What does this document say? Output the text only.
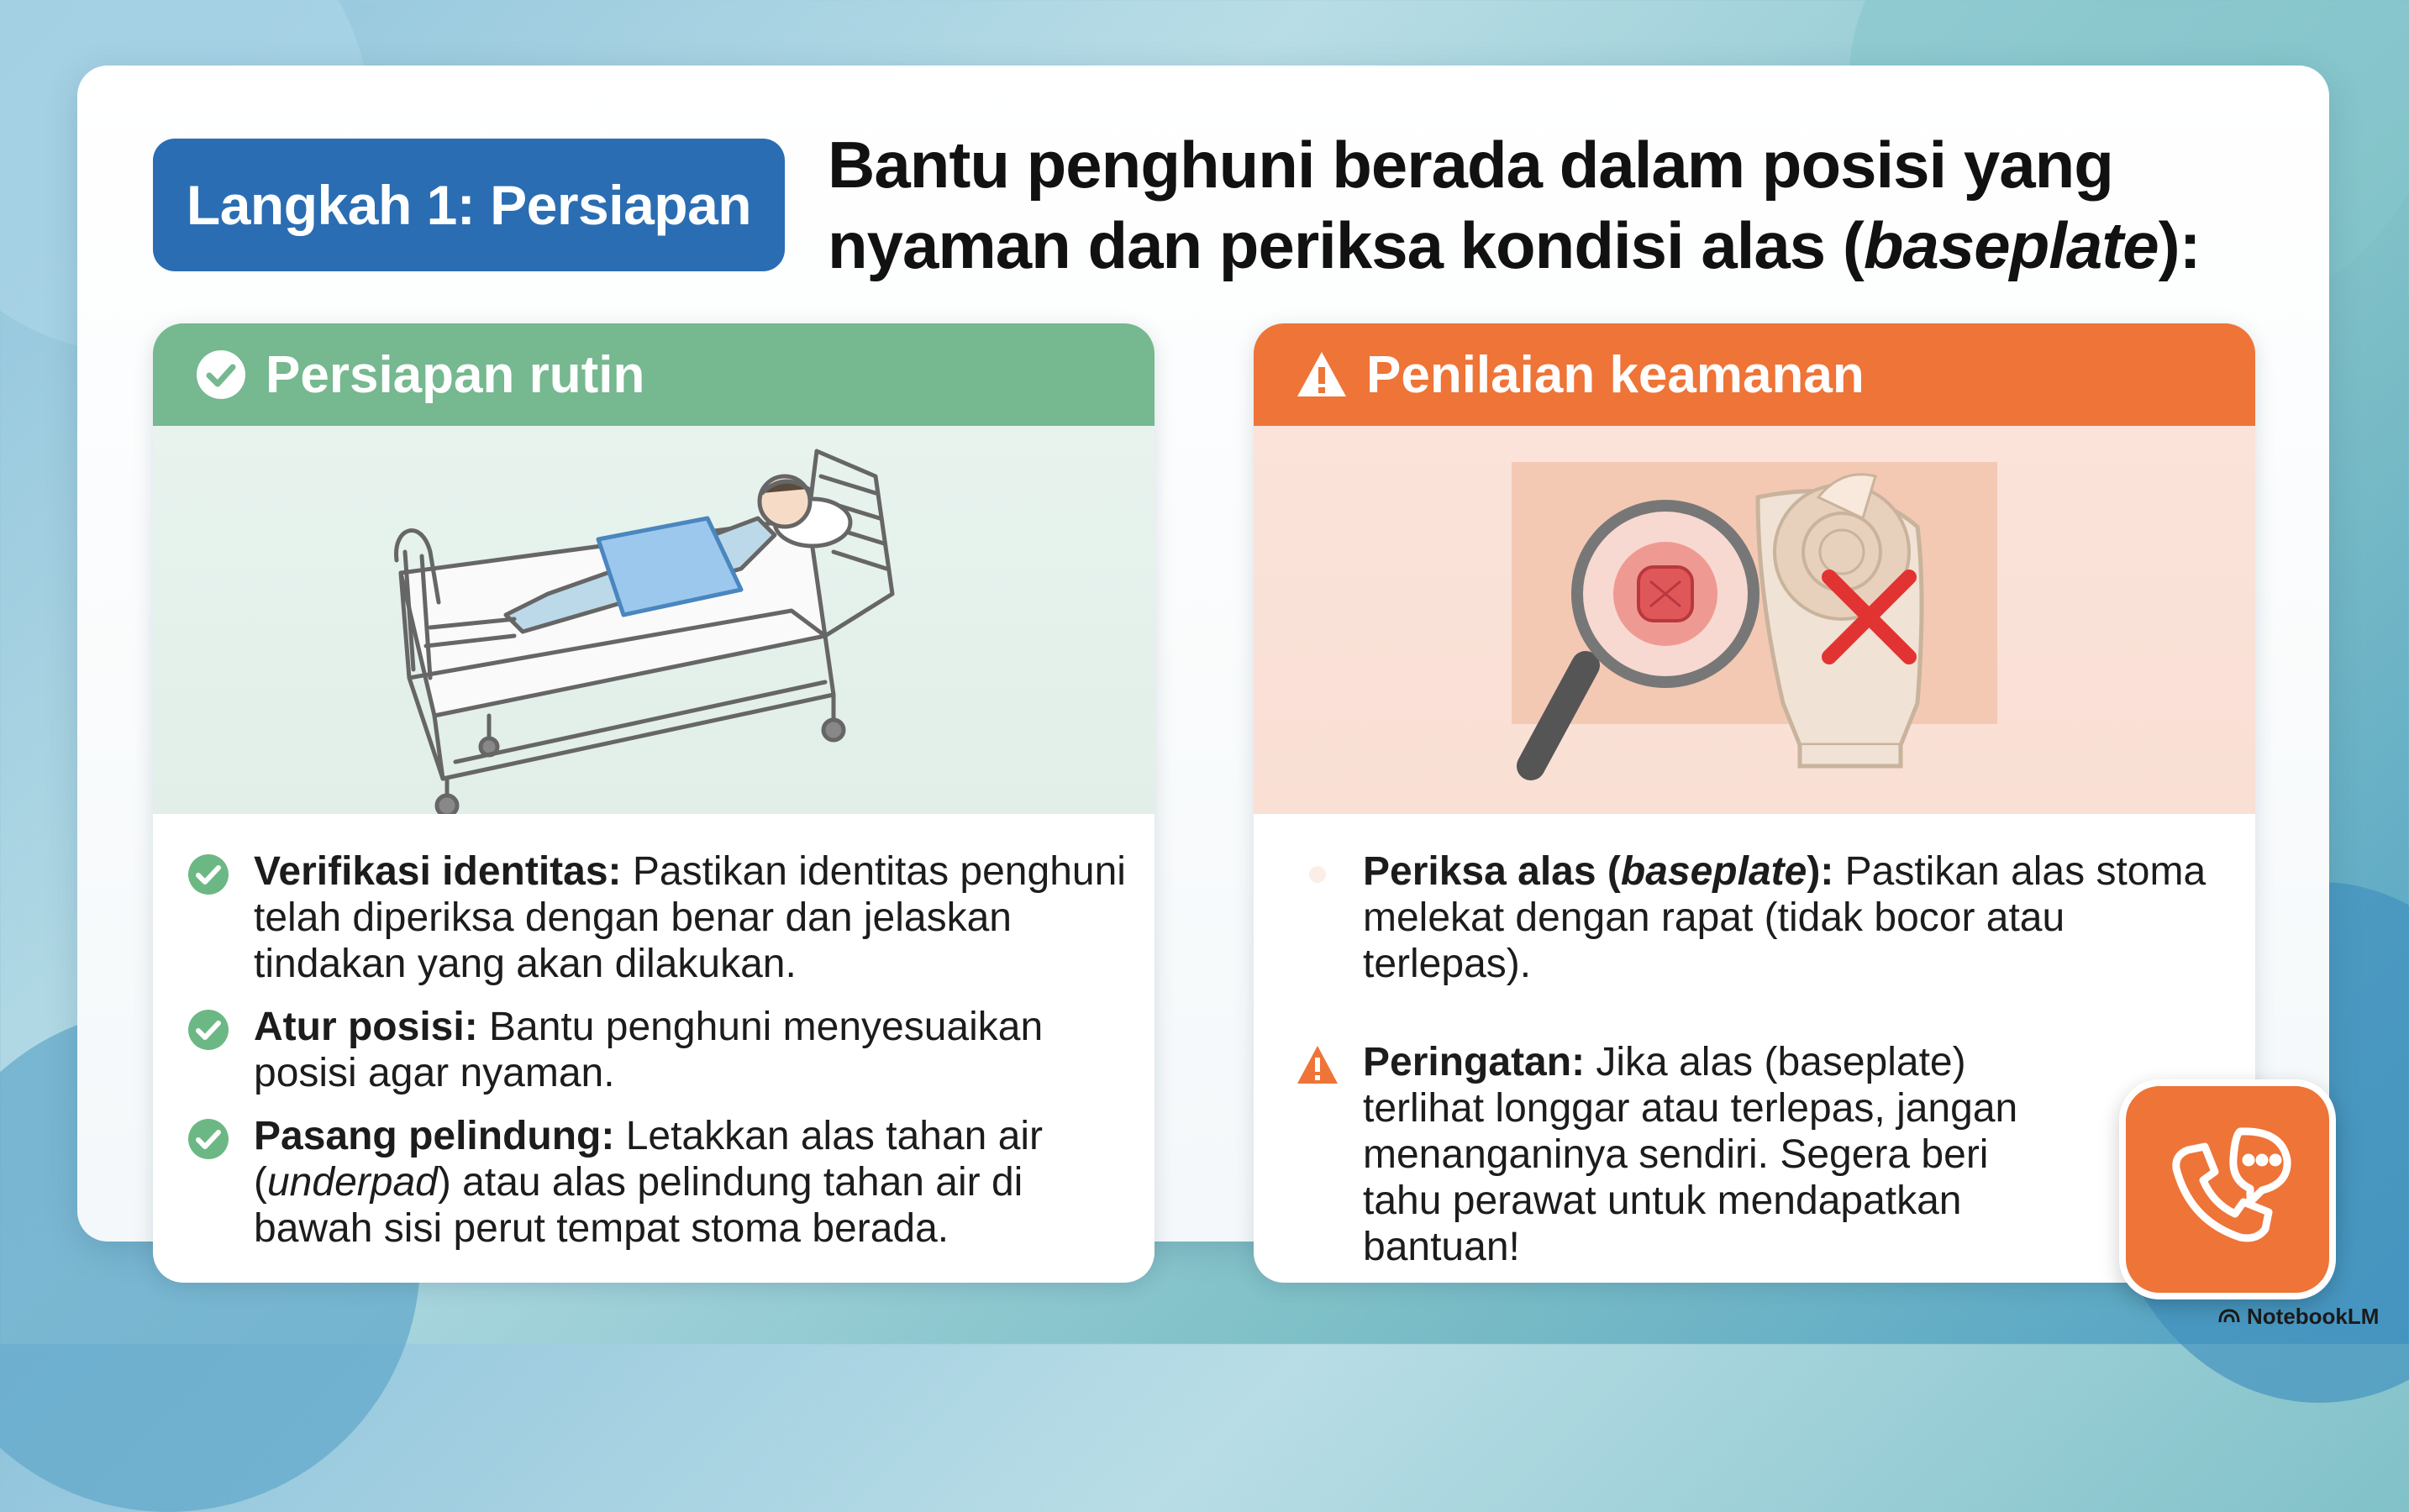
Langkah 1: Persiapan
Bantu penghuni berada dalam posisi yang
nyaman dan periksa kondisi alas (baseplate):
Persiapan rutin
Verifikasi identitas: Pastikan identitas penghuni telah diperiksa dengan benar dan jelaskan tindakan yang akan dilakukan.
Atur posisi: Bantu penghuni menyesuaikan posisi agar nyaman.
Pasang pelindung: Letakkan alas tahan air (underpad) atau alas pelindung tahan air di bawah sisi perut tempat stoma berada.
Penilaian keamanan
Periksa alas (baseplate): Pastikan alas stoma melekat dengan rapat (tidak bocor atau terlepas).
Peringatan: Jika alas (baseplate) terlihat longgar atau terlepas, jangan menanganinya sendiri. Segera beri tahu perawat untuk mendapatkan bantuan!
NotebookLM
